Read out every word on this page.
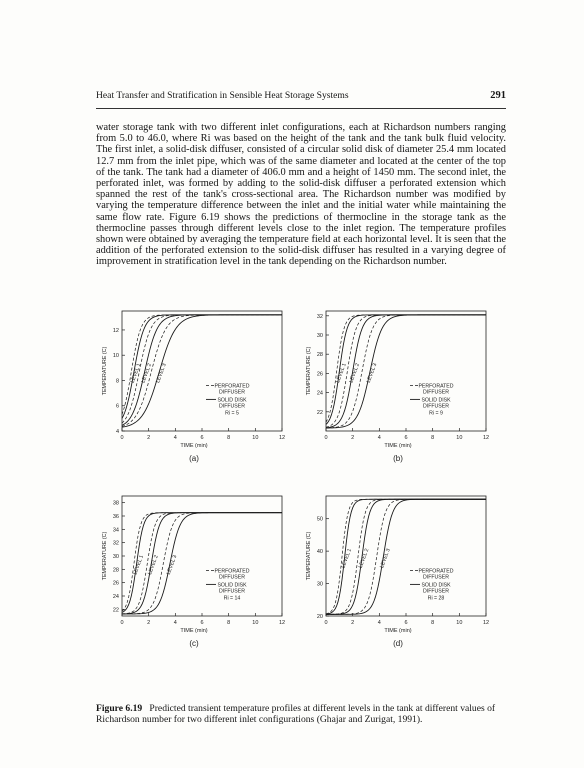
Heat Transfer and Stratification in Sensible Heat Storage Systems	291

water storage tank with two different inlet configurations, each at Richardson numbers ranging from 5.0 to 46.0, where Ri was based on the height of the tank and the tank bulk fluid velocity. The first inlet, a solid-disk diffuser, consisted of a circular solid disk of diameter 25.4 mm located 12.7 mm from the inlet pipe, which was of the same diameter and located at the center of the top of the tank. The tank had a diameter of 406.0 mm and a height of 1450 mm. The second inlet, the perforated inlet, was formed by adding to the solid-disk diffuser a perforated extension which spanned the rest of the tank's cross-sectional area. The Richardson number was modified by varying the temperature difference between the inlet and the initial water while maintaining the same flow rate. Figure 6.19 shows the predictions of thermocline in the storage tank as the thermocline passes through different levels close to the inlet region. The temperature profiles shown were obtained by averaging the temperature field at each horizontal level. It is seen that the addition of the perforated extension to the solid-disk diffuser has resulted in a varying degree of improvement in stratification level in the tank depending on the Richardson number.

0	2	4	6	8	10	12
4
6
8
10
12
TIME (min)
TEMPERATURE (C)	LEVEL 1
LEVEL 2 LEVEL 3
PERFORATED
DIFFUSER
SOLID DISK
DIFFUSER
Ri = 5
(a)
0	2	4	6	8	10	12
22
24
26
28
30
32
TIME (min)
TEMPERATURE (C)	LEVEL 1 LEVEL 2 LEVEL 3
PERFORATED
DIFFUSER
SOLID DISK
DIFFUSER
Ri = 9
(b)
0	2	4	6	8	10	12
22
24
26
28
30
32
34
36
38
TIME (min)
TEMPERATURE (C)	LEVEL 1 LEVEL 2 LEVEL 3	PERFORATED
DIFFUSER
SOLID DISK
DIFFUSER
Ri = 14
(c)
0	2	4	6	8	10	12
20
30
40
50
TIME (min)
TEMPERATURE (C)	LEVEL 1 LEVEL 2 LEVEL 3
PERFORATED
DIFFUSER
SOLID DISK
DIFFUSER
Ri = 28
(d)

Figure 6.19 Predicted transient temperature profiles at different levels in the tank at different values of Richardson number for two different inlet configurations (Ghajar and Zurigat, 1991).
